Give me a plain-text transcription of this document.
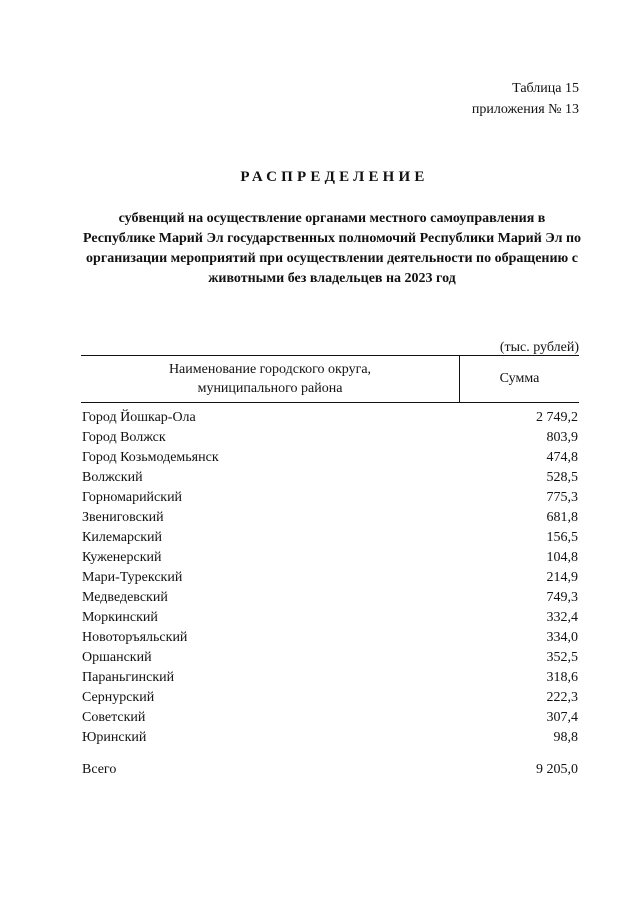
Таблица 15
приложения № 13
РАСПРЕДЕЛЕНИЕ
субвенций на осуществление органами местного самоуправления в Республике Марий Эл государственных полномочий Республики Марий Эл по организации мероприятий при осуществлении деятельности по обращению с животными без владельцев на 2023 год
(тыс. рублей)
Наименование городского округа, муниципального района
Сумма
Город Йошкар-Ола	2 749,2
Город Волжск	803,9
Город Козьмодемьянск	474,8
Волжский	528,5
Горномарийский	775,3
Звениговский	681,8
Килемарский	156,5
Куженерский	104,8
Мари-Турекский	214,9
Медведевский	749,3
Моркинский	332,4
Новоторъяльский	334,0
Оршанский	352,5
Параньгинский	318,6
Сернурский	222,3
Советский	307,4
Юринский	98,8
Всего	9 205,0
